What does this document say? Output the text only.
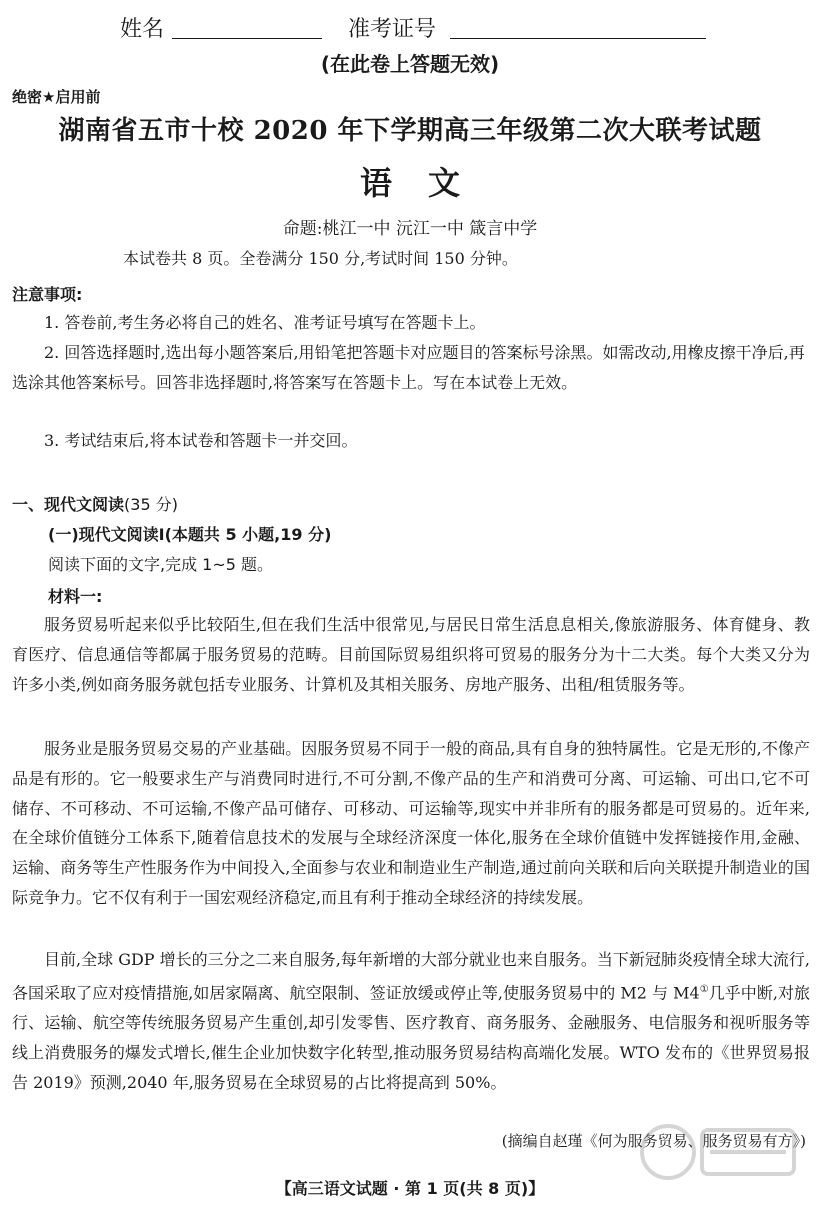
姓名	准考证号
(在此卷上答题无效)
绝密★启用前
湖南省五市十校 2020 年下学期高三年级第二次大联考试题
语文
命题:桃江一中 沅江一中 箴言中学
本试卷共 8 页。全卷满分 150 分,考试时间 150 分钟。
注意事项:
1. 答卷前,考生务必将自己的姓名、准考证号填写在答题卡上。
2. 回答选择题时,选出每小题答案后,用铅笔把答题卡对应题目的答案标号涂黑。如需改动,用橡皮擦干净后,再选涂其他答案标号。回答非选择题时,将答案写在答题卡上。写在本试卷上无效。
3. 考试结束后,将本试卷和答题卡一并交回。
一、现代文阅读(35 分)
(一)现代文阅读Ⅰ(本题共 5 小题,19 分)
阅读下面的文字,完成 1~5 题。
材料一:
服务贸易听起来似乎比较陌生,但在我们生活中很常见,与居民日常生活息息相关,像旅游服务、体育健身、教育医疗、信息通信等都属于服务贸易的范畴。目前国际贸易组织将可贸易的服务分为十二大类。每个大类又分为许多小类,例如商务服务就包括专业服务、计算机及其相关服务、房地产服务、出租/租赁服务等。
服务业是服务贸易交易的产业基础。因服务贸易不同于一般的商品,具有自身的独特属性。它是无形的,不像产品是有形的。它一般要求生产与消费同时进行,不可分割,不像产品的生产和消费可分离、可运输、可出口,它不可储存、不可移动、不可运输,不像产品可储存、可移动、可运输等,现实中并非所有的服务都是可贸易的。近年来,在全球价值链分工体系下,随着信息技术的发展与全球经济深度一体化,服务在全球价值链中发挥链接作用,金融、运输、商务等生产性服务作为中间投入,全面参与农业和制造业生产制造,通过前向关联和后向关联提升制造业的国际竞争力。它不仅有利于一国宏观经济稳定,而且有利于推动全球经济的持续发展。
目前,全球 GDP 增长的三分之二来自服务,每年新增的大部分就业也来自服务。当下新冠肺炎疫情全球大流行,各国采取了应对疫情措施,如居家隔离、航空限制、签证放缓或停止等,使服务贸易中的 M2 与 M4①几乎中断,对旅行、运输、航空等传统服务贸易产生重创,却引发零售、医疗教育、商务服务、金融服务、电信服务和视听服务等线上消费服务的爆发式增长,催生企业加快数字化转型,推动服务贸易结构高端化发展。WTO 发布的《世界贸易报告 2019》预测,2040 年,服务贸易在全球贸易的占比将提高到 50%。
(摘编自赵瑾《何为服务贸易、服务贸易有方》)
【高三语文试题 · 第 1 页(共 8 页)】
